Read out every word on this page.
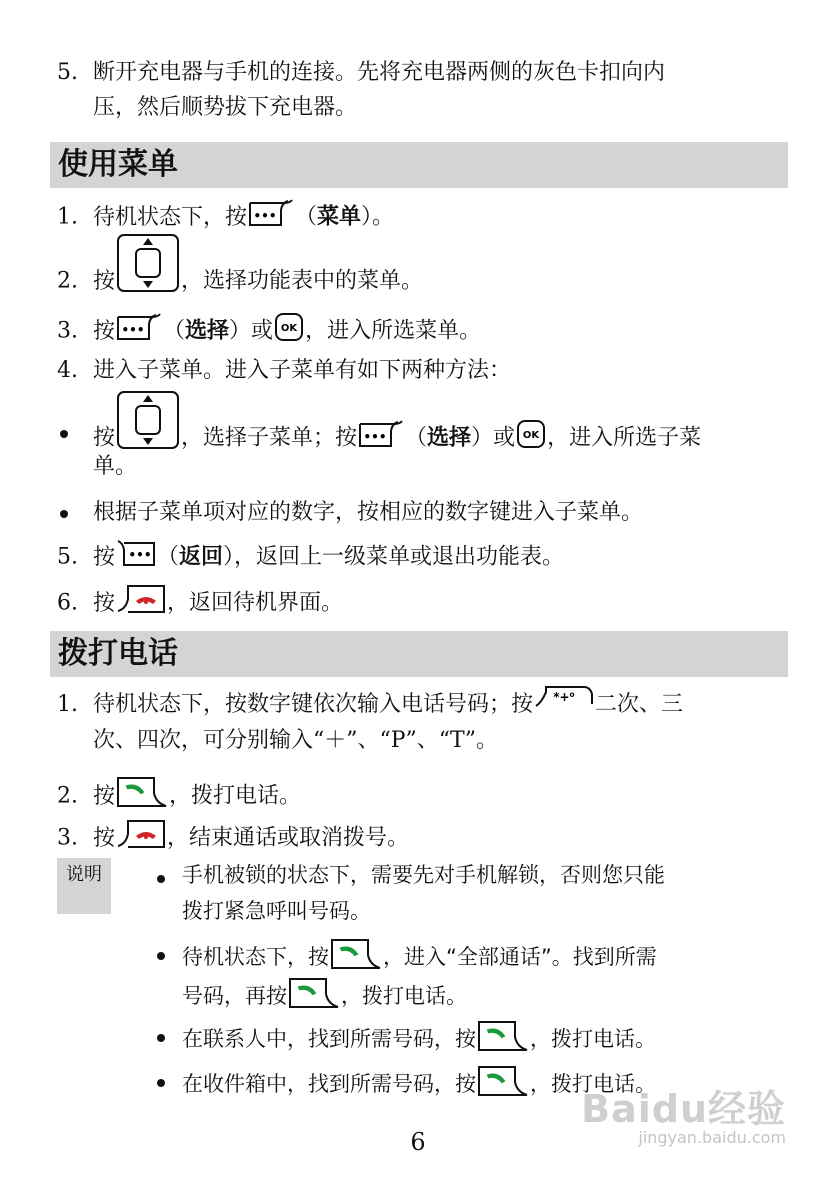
5. 断开充电器与手机的连接。先将充电器两侧的灰色卡扣向内
压，然后顺势拔下充电器。
使用菜单
1. 待机状态下，按 ••• （菜单）。
2. 按	，选择功能表中的菜单。
3. 按 ••• （选择）或 OK ，进入所选菜单。
4. 进入子菜单。进入子菜单有如下两种方法：
按	，选择子菜单；按 ••• （选择）或 OK ，进入所选子菜
单。
根据子菜单项对应的数字，按相应的数字键进入子菜单。
5. 按 ••• （返回），返回上一级菜单或退出功能表。
6. 按 ，返回待机界面。
拨打电话
1. 待机状态下，按数字键依次输入电话号码；按 *+⁰ 二次、三
次、四次，可分别输入“＋”、“P”、“T”。
2. 按 ，拨打电话。
3. 按 ，结束通话或取消拨号。
说明	手机被锁的状态下，需要先对手机解锁，否则您只能
拨打紧急呼叫号码。
待机状态下，按	，进入“全部通话”。找到所需
号码，再按	，拨打电话。
在联系人中，找到所需号码，按	，拨打电话。
在收件箱中，找到所需号码，按	，拨打电话。
Baidu经验
jingyan.baidu.com
6
